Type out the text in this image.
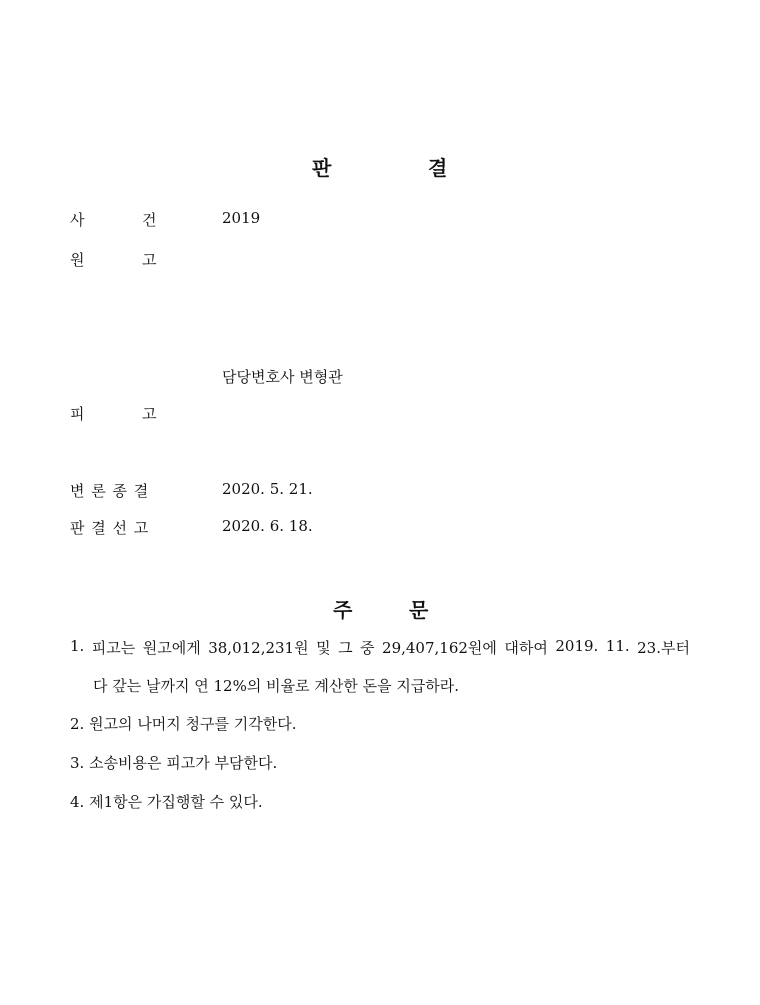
판	결
사	건	2019
원	고
담당변호사 변형관
피	고
변 론 종 결	2020. 5. 21.
판 결 선 고	2020. 6. 18.
주	문
1. 피고는 원고에게 38,012,231원 및 그 중 29,407,162원에 대하여 2019. 11. 23.부터
다 갚는 날까지 연 12%의 비율로 계산한 돈을 지급하라.
2. 원고의 나머지 청구를 기각한다.
3. 소송비용은 피고가 부담한다.
4. 제1항은 가집행할 수 있다.
